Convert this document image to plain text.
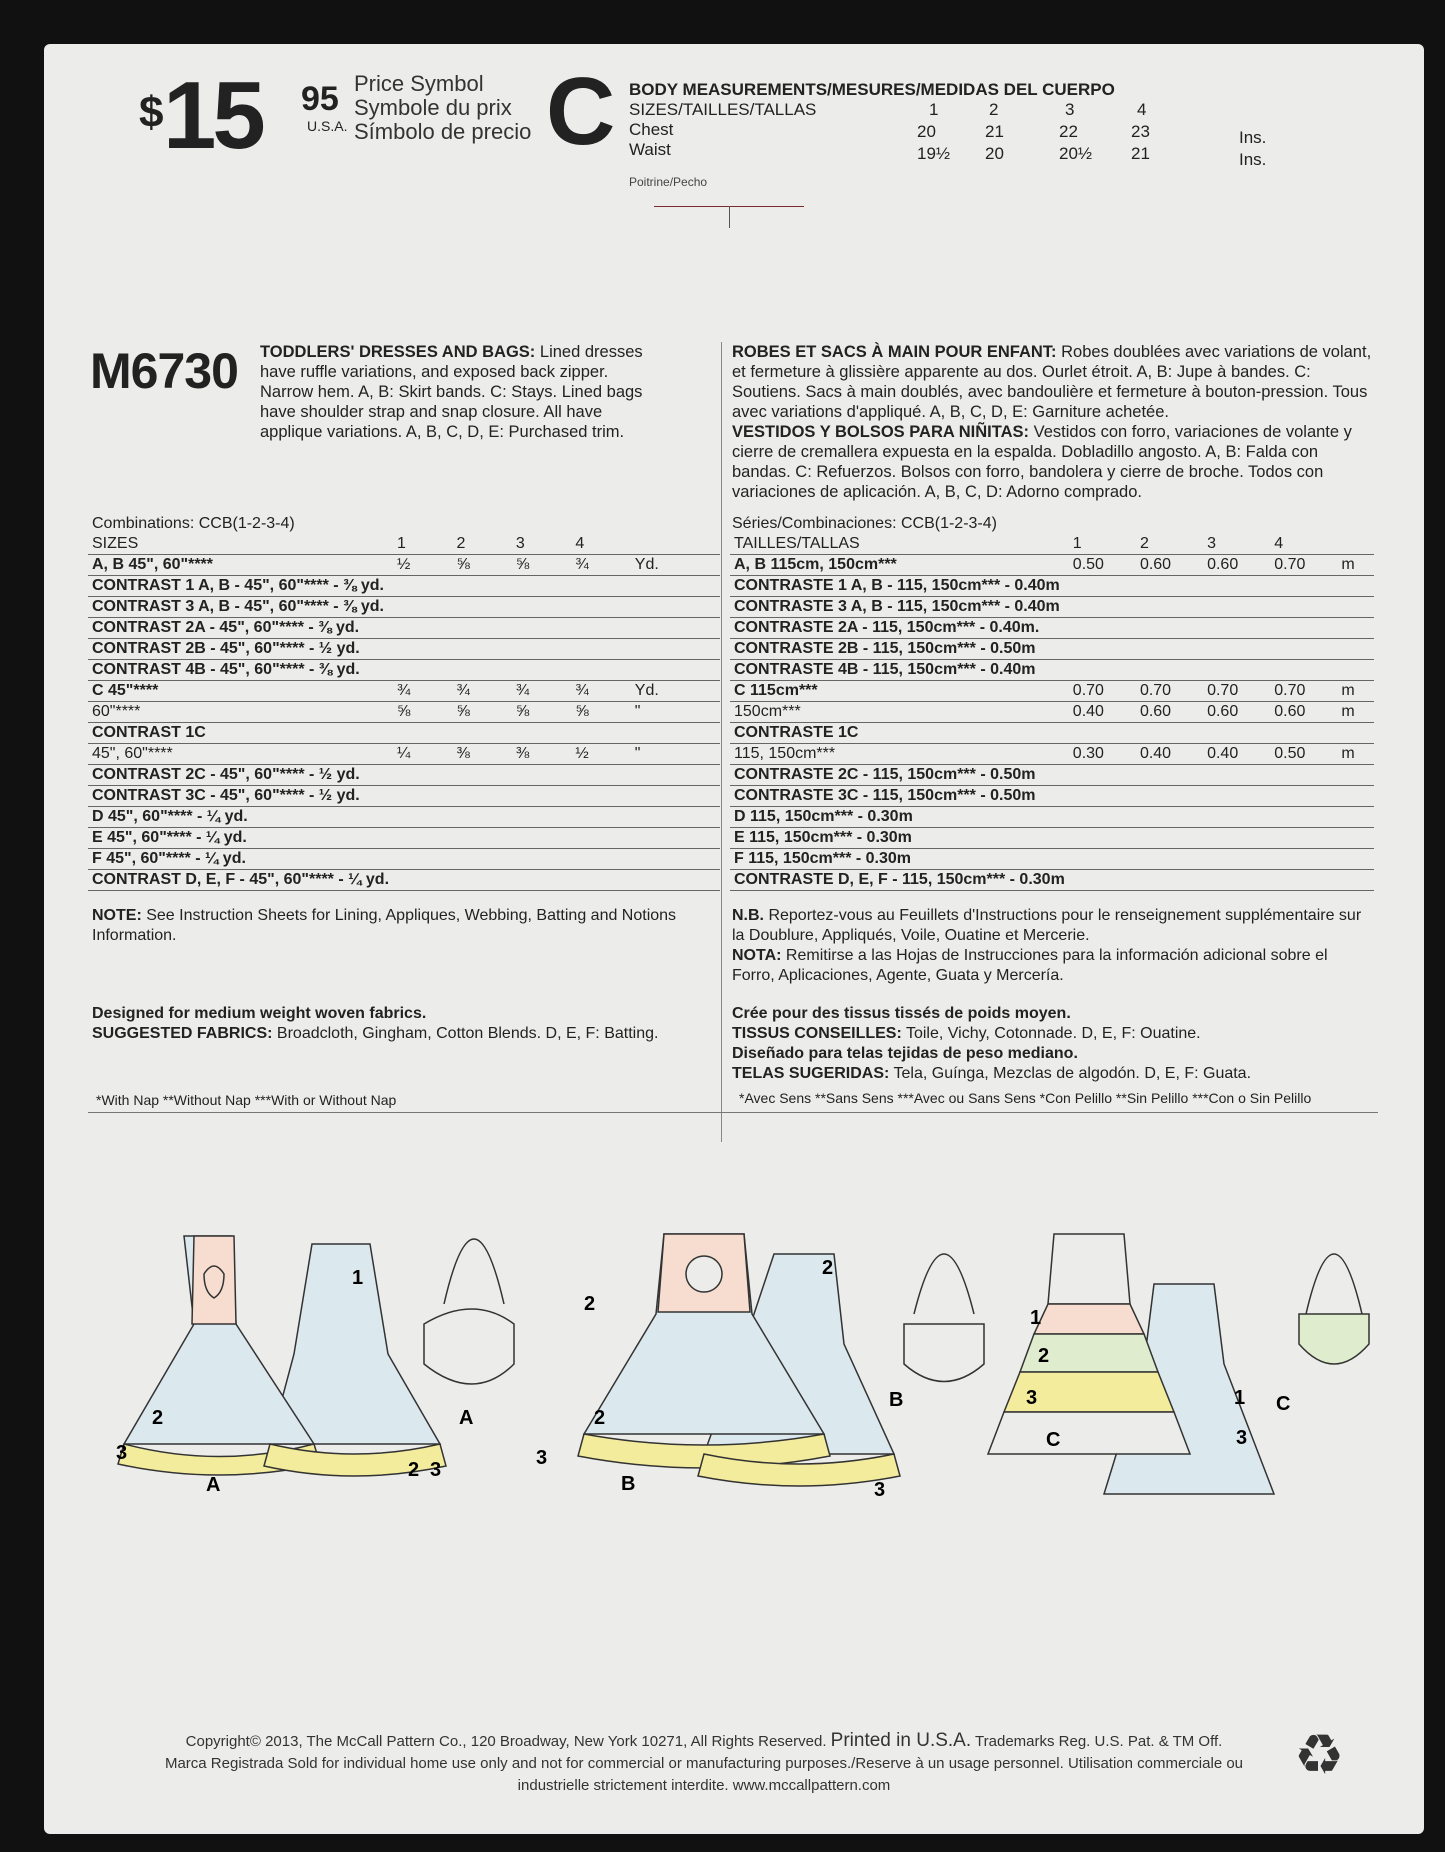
$ 15 95
U.S.A.
Price Symbol
Symbole du prix
Símbolo de precio C BODY MEASUREMENTS/MESURES/MEDIDAS DEL CUERPO
SIZES/TAILLES/TALLAS	1	2	3	4
Chest	20	21	22	23	Ins.
Waist	19½ 20	20½ 21	Ins.
Poitrine/Pecho
M6730 TODDLERS' DRESSES AND BAGS: Lined dresses have ruffle variations, and exposed back zipper. Narrow hem. A, B: Skirt bands. C: Stays. Lined bags have shoulder strap and snap closure. All have applique variations. A, B, C, D, E: Purchased trim.
ROBES ET SACS À MAIN POUR ENFANT: Robes doublées avec variations de volant, et fermeture à glissière apparente au dos. Ourlet étroit. A, B: Jupe à bandes. C: Soutiens. Sacs à main doublés, avec bandoulière et fermeture à bouton-pression. Tous avec variations d'appliqué. A, B, C, D, E: Garniture achetée.
VESTIDOS Y BOLSOS PARA NIÑITAS: Vestidos con forro, variaciones de volante y cierre de cremallera expuesta en la espalda. Dobladillo angosto. A, B: Falda con bandas. C: Refuerzos. Bolsos con forro, bandolera y cierre de broche. Todos con variaciones de aplicación. A, B, C, D: Adorno comprado.
Combinations: CCB(1-2-3-4)	Séries/Combinaciones: CCB(1-2-3-4)
SIZES	1	2	3	4	
A, B 45", 60"****	½	⅝	⅝	¾	Yd.
CONTRAST 1 A, B - 45", 60"**** - ⅜ yd.					
CONTRAST 3 A, B - 45", 60"**** - ⅜ yd.					
CONTRAST 2A - 45", 60"**** - ⅜ yd.					
CONTRAST 2B - 45", 60"**** - ½ yd.					
CONTRAST 4B - 45", 60"**** - ⅜ yd.					
C 45"****	¾	¾	¾	¾	Yd.
60"****	⅝	⅝	⅝	⅝	"
CONTRAST 1C					
45", 60"****	¼	⅜	⅜	½	"
CONTRAST 2C - 45", 60"**** - ½ yd.					
CONTRAST 3C - 45", 60"**** - ½ yd.					
D 45", 60"**** - ¼ yd.					
E 45", 60"**** - ¼ yd.					
F 45", 60"**** - ¼ yd.					
CONTRAST D, E, F - 45", 60"**** - ¼ yd.					
TAILLES/TALLAS	1	2	3	4	
A, B 115cm, 150cm***	0.50	0.60	0.60	0.70	m
CONTRASTE 1 A, B - 115, 150cm*** - 0.40m					
CONTRASTE 3 A, B - 115, 150cm*** - 0.40m					
CONTRASTE 2A - 115, 150cm*** - 0.40m.					
CONTRASTE 2B - 115, 150cm*** - 0.50m					
CONTRASTE 4B - 115, 150cm*** - 0.40m					
C 115cm***	0.70	0.70	0.70	0.70	m
150cm***	0.40	0.60	0.60	0.60	m
CONTRASTE 1C					
115, 150cm***	0.30	0.40	0.40	0.50	m
CONTRASTE 2C - 115, 150cm*** - 0.50m					
CONTRASTE 3C - 115, 150cm*** - 0.50m					
D 115, 150cm*** - 0.30m					
E 115, 150cm*** - 0.30m					
F 115, 150cm*** - 0.30m					
CONTRASTE D, E, F - 115, 150cm*** - 0.30m					
NOTE: See Instruction Sheets for Lining, Appliques, Webbing, Batting and Notions Information.
N.B. Reportez-vous au Feuillets d'Instructions pour le renseignement supplémentaire sur la Doublure, Appliqués, Voile, Ouatine et Mercerie.
NOTA: Remitirse a las Hojas de Instrucciones para la información adicional sobre el Forro, Aplicaciones, Agente, Guata y Mercería.
Designed for medium weight woven fabrics.
SUGGESTED FABRICS: Broadcloth, Gingham, Cotton Blends. D, E, F: Batting.
Crée pour des tissus tissés de poids moyen.
TISSUS CONSEILLES: Toile, Vichy, Cotonnade. D, E, F: Ouatine.
Diseñado para telas tejidas de peso mediano.
TELAS SUGERIDAS: Tela, Guínga, Mezclas de algodón. D, E, F: Guata.
*With Nap **Without Nap ***With or Without Nap	*Avec Sens **Sans Sens ***Avec ou Sans Sens *Con Pelillo **Sin Pelillo ***Con o Sin Pelillo
A
A
B
B
C
C
3
2
1
2 3
2
2
2
3
3
1
2
3	1
3
Copyright© 2013, The McCall Pattern Co., 120 Broadway, New York 10271, All Rights Reserved. Printed in U.S.A. Trademarks Reg. U.S. Pat. & TM Off.
Marca Registrada Sold for individual home use only and not for commercial or manufacturing purposes./Reserve à un usage personnel. Utilisation commerciale ou
industrielle strictement interdite. www.mccallpattern.com	♻
